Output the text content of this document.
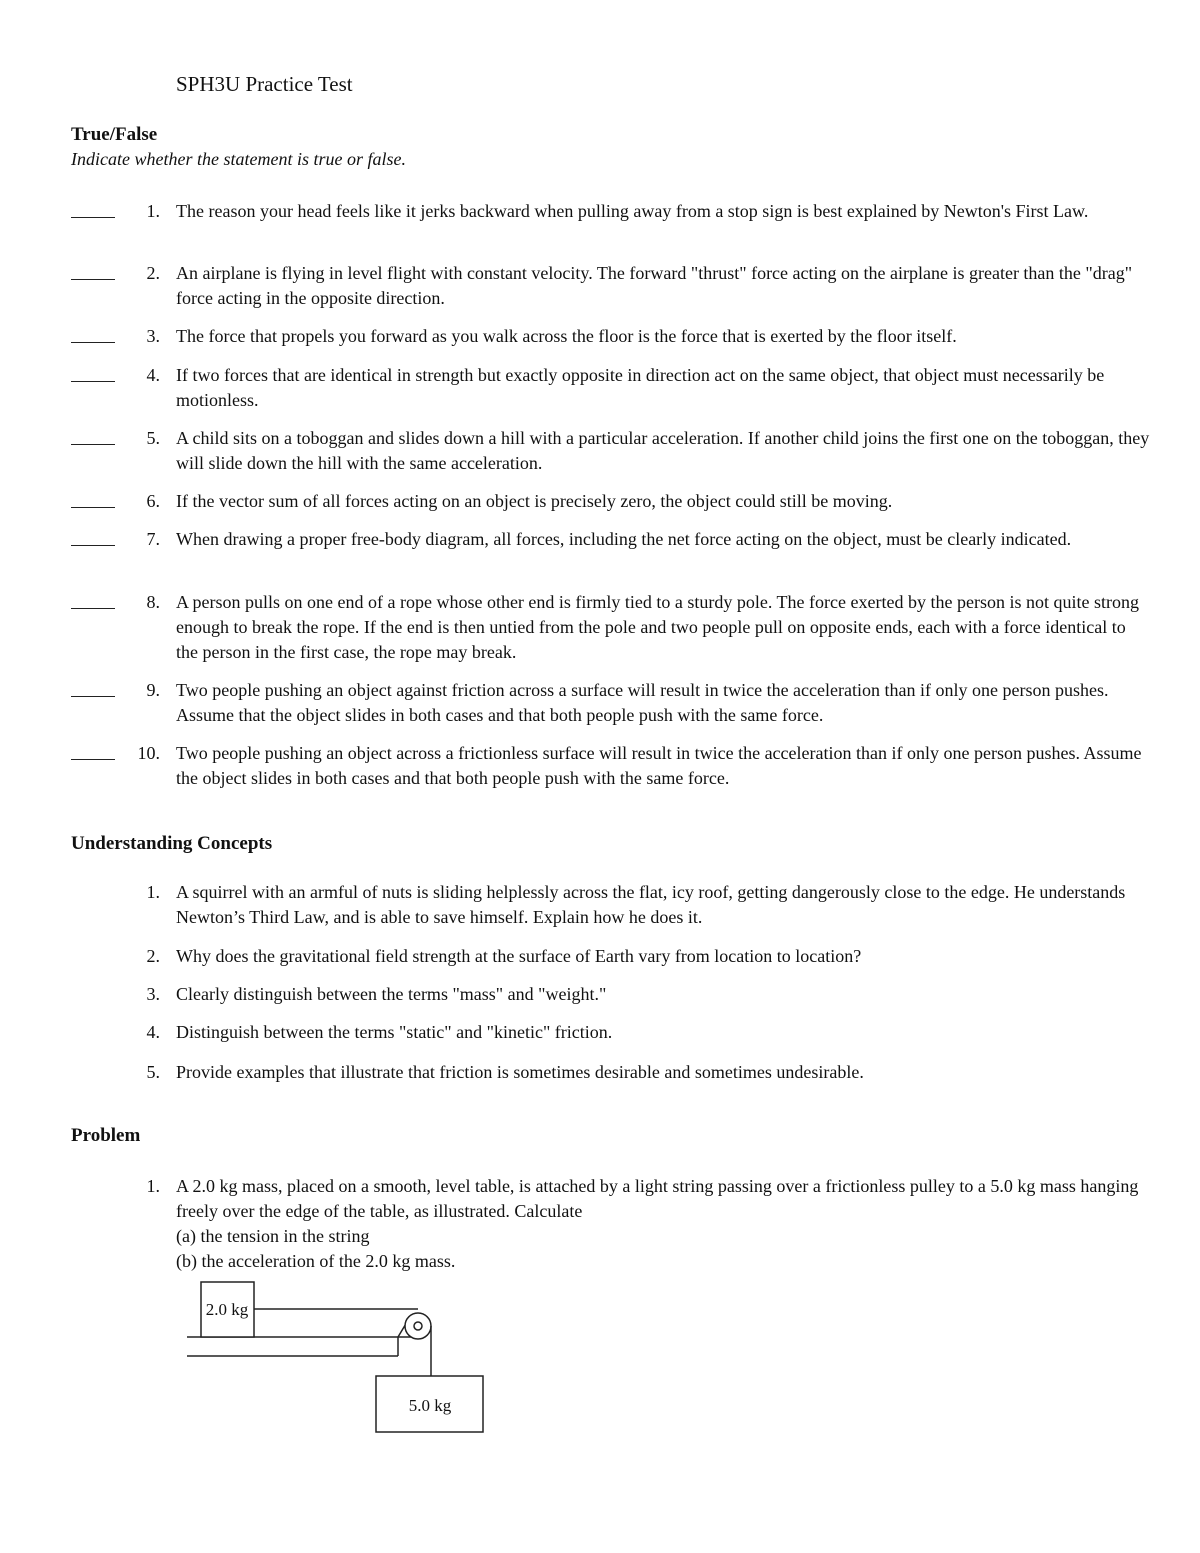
SPH3U Practice Test
True/False
Indicate whether the statement is true or false.
1. The reason your head feels like it jerks backward when pulling away from a stop sign is best explained by Newton's First Law.
2. An airplane is flying in level flight with constant velocity. The forward "thrust" force acting on the airplane is greater than the "drag" force acting in the opposite direction.
3. The force that propels you forward as you walk across the floor is the force that is exerted by the floor itself.
4. If two forces that are identical in strength but exactly opposite in direction act on the same object, that object must necessarily be motionless.
5. A child sits on a toboggan and slides down a hill with a particular acceleration. If another child joins the first one on the toboggan, they will slide down the hill with the same acceleration.
6. If the vector sum of all forces acting on an object is precisely zero, the object could still be moving.
7. When drawing a proper free-body diagram, all forces, including the net force acting on the object, must be clearly indicated.
8. A person pulls on one end of a rope whose other end is firmly tied to a sturdy pole. The force exerted by the person is not quite strong enough to break the rope. If the end is then untied from the pole and two people pull on opposite ends, each with a force identical to the person in the first case, the rope may break.
9. Two people pushing an object against friction across a surface will result in twice the acceleration than if only one person pushes. Assume that the object slides in both cases and that both people push with the same force.
10. Two people pushing an object across a frictionless surface will result in twice the acceleration than if only one person pushes. Assume the object slides in both cases and that both people push with the same force.
Understanding Concepts
1. A squirrel with an armful of nuts is sliding helplessly across the flat, icy roof, getting dangerously close to the edge. He understands Newton’s Third Law, and is able to save himself. Explain how he does it.
2. Why does the gravitational field strength at the surface of Earth vary from location to location?
3. Clearly distinguish between the terms "mass" and "weight."
4. Distinguish between the terms "static" and "kinetic" friction.
5. Provide examples that illustrate that friction is sometimes desirable and sometimes undesirable.
Problem
1. A 2.0 kg mass, placed on a smooth, level table, is attached by a light string passing over a frictionless pulley to a 5.0 kg mass hanging freely over the edge of the table, as illustrated. Calculate
(a) the tension in the string
(b) the acceleration of the 2.0 kg mass.
2.0 kg
5.0 kg
